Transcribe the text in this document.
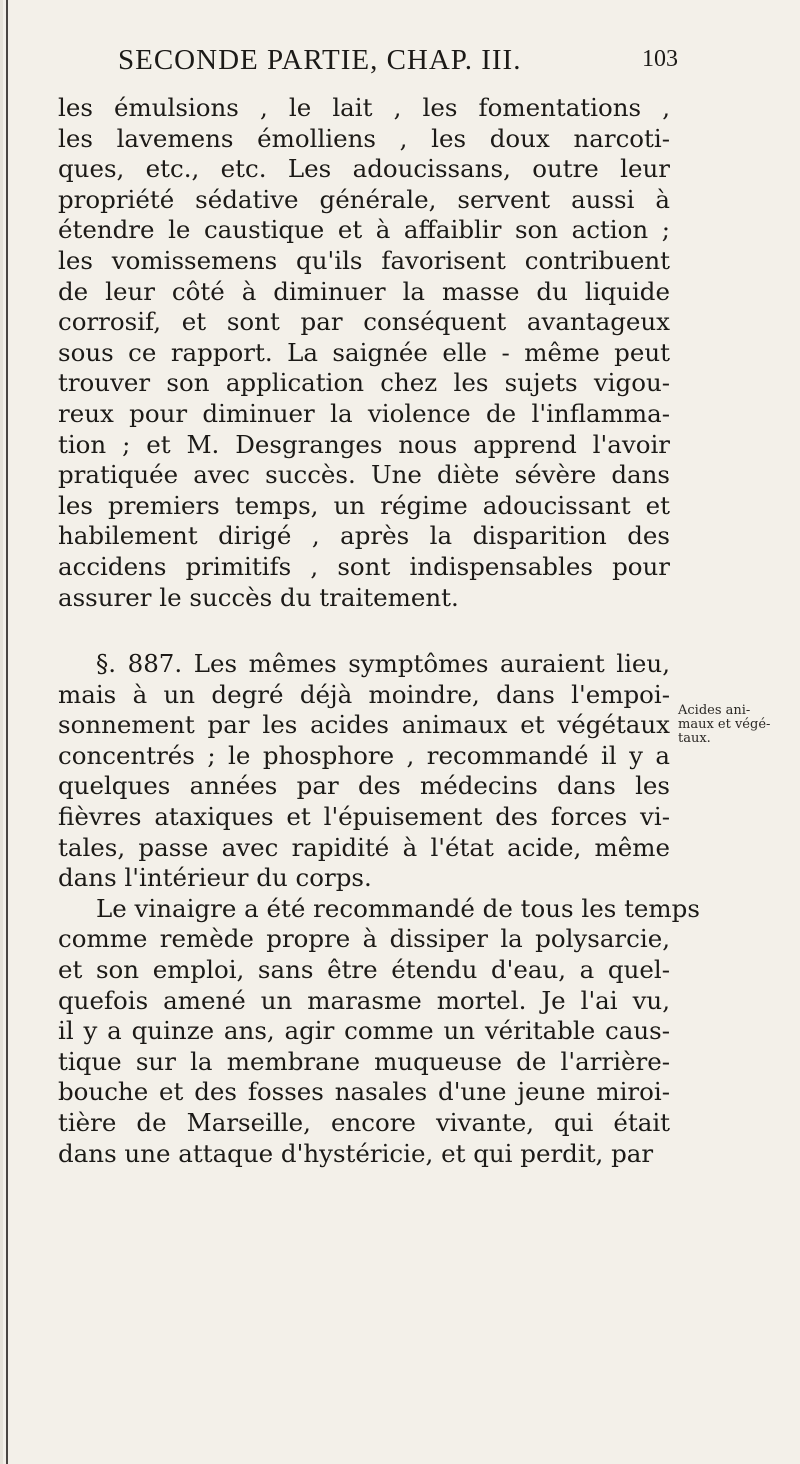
SECONDE PARTIE, CHAP. III.	103
les émulsions , le lait , les fomentations ,
les lavemens émolliens , les doux narcoti-
ques, etc., etc. Les adoucissans, outre leur
propriété sédative générale, servent aussi à
étendre le caustique et à affaiblir son action ;
les vomissemens qu'ils favorisent contribuent
de leur côté à diminuer la masse du liquide
corrosif, et sont par conséquent avantageux
sous ce rapport. La saignée elle - même peut
trouver son application chez les sujets vigou-
reux pour diminuer la violence de l'inflamma-
tion ; et M. Desgranges nous apprend l'avoir
pratiquée avec succès. Une diète sévère dans
les premiers temps, un régime adoucissant et
habilement dirigé , après la disparition des
accidens primitifs , sont indispensables pour
assurer le succès du traitement.
§. 887. Les mêmes symptômes auraient lieu,
mais à un degré déjà moindre, dans l'empoi-
sonnement par les acides animaux et végétaux
concentrés ; le phosphore , recommandé il y a
quelques années par des médecins dans les
fièvres ataxiques et l'épuisement des forces vi-
tales, passe avec rapidité à l'état acide, même
dans l'intérieur du corps.
Le vinaigre a été recommandé de tous les temps
comme remède propre à dissiper la polysarcie,
et son emploi, sans être étendu d'eau, a quel-
quefois amené un marasme mortel. Je l'ai vu,
il y a quinze ans, agir comme un véritable caus-
tique sur la membrane muqueuse de l'arrière-
bouche et des fosses nasales d'une jeune miroi-
tière de Marseille, encore vivante, qui était
dans une attaque d'hystéricie, et qui perdit, par
Acides ani-
maux et végé-
taux.
